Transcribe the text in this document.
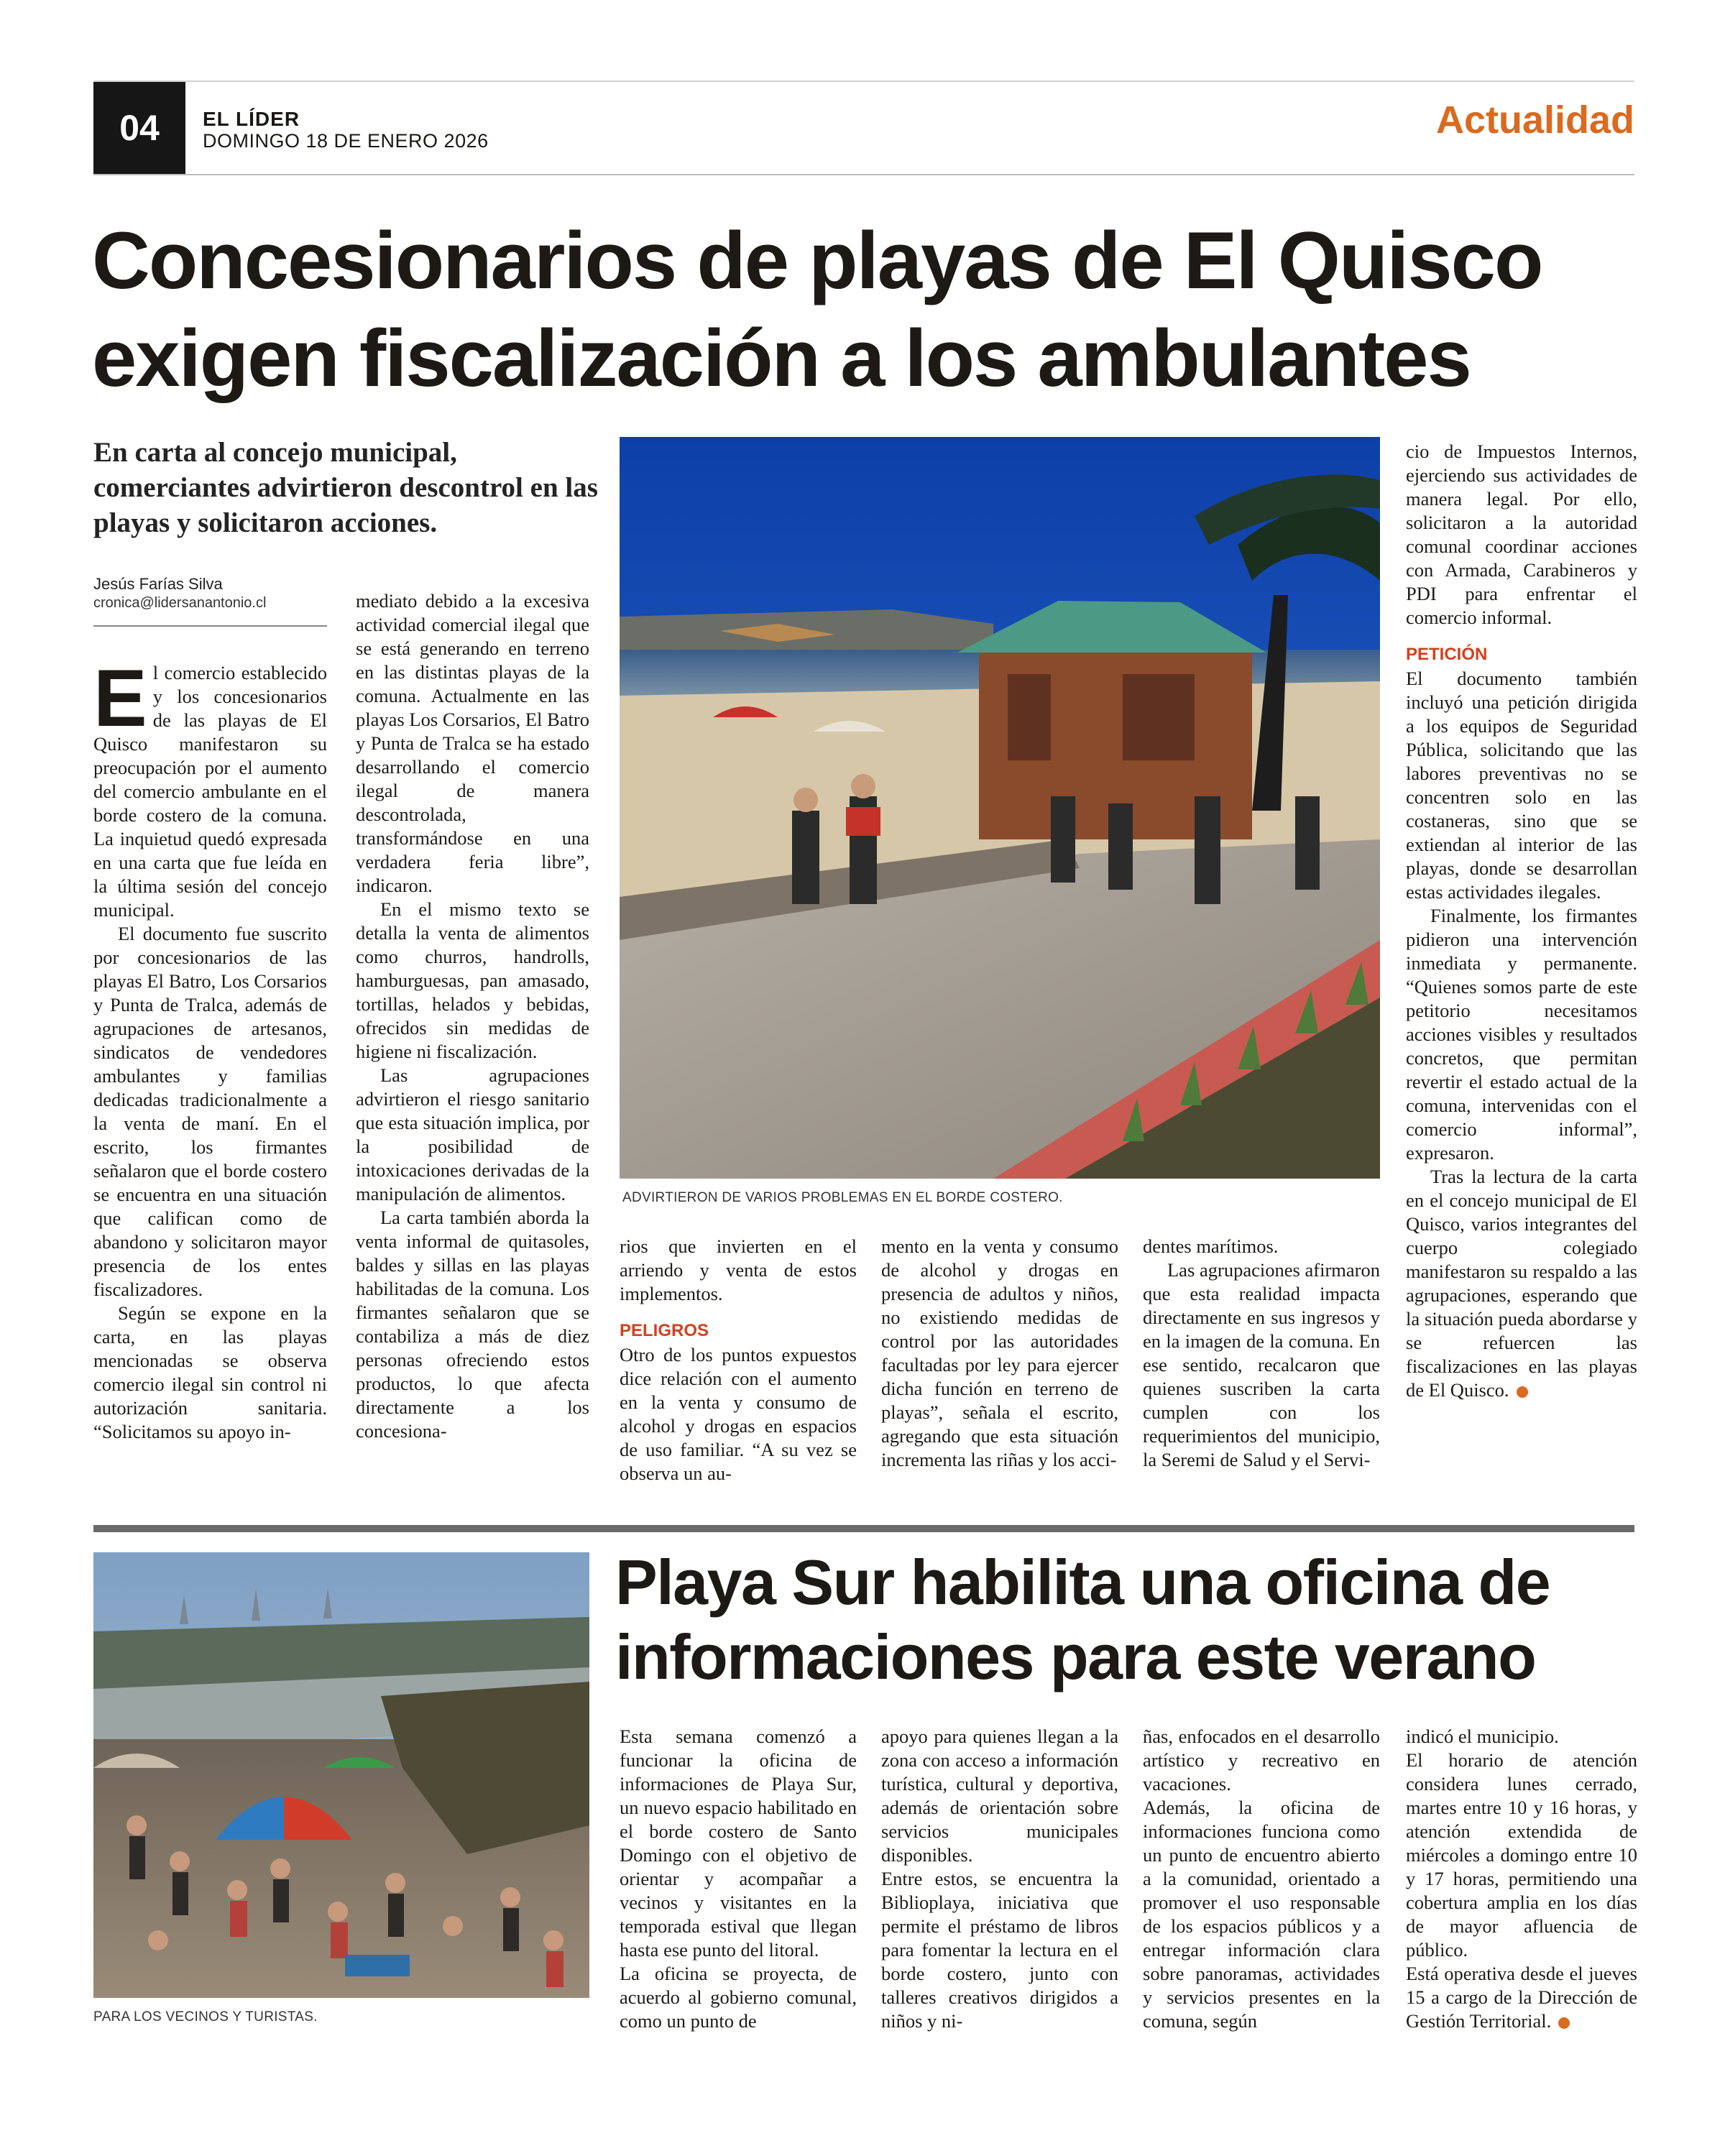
04	EL LÍDER
DOMINGO 18 DE ENERO 2026	Actualidad
Concesionarios de playas de El Quisco
exigen fiscalización a los ambulantes

En carta al concejo municipal, comerciantes advirtieron descontrol en las playas y solicitaron acciones.

Jesús Farías Silva
cronica@lidersanantonio.cl
ADVIRTIERON DE VARIOS PROBLEMAS EN EL BORDE COSTERO.
E l comercio establecido y los concesionarios de las playas de El Quisco manifestaron su preocupación por el aumento del comercio ambulante en el borde costero de la comuna. La inquietud quedó expresada en una carta que fue leída en la última sesión del concejo municipal.

El documento fue suscrito por concesionarios de las playas El Batro, Los Corsarios y Punta de Tralca, además de agrupaciones de artesanos, sindicatos de vendedores ambulantes y familias dedicadas tradicionalmente a la venta de maní. En el escrito, los firmantes señalaron que el borde costero se encuentra en una situación que califican como de abandono y solicitaron mayor presencia de los entes fiscalizadores.

Según se expone en la carta, en las playas mencionadas se observa comercio ilegal sin control ni autorización sanitaria. “Solicitamos su apoyo in-

mediato debido a la excesiva actividad comercial ilegal que se está generando en terreno en las distintas playas de la comuna. Actualmente en las playas Los Corsarios, El Batro y Punta de Tralca se ha estado desarrollando el comercio ilegal de manera descontrolada, transformándose en una verdadera feria libre”, indicaron.

En el mismo texto se detalla la venta de alimentos como churros, handrolls, hamburguesas, pan amasado, tortillas, helados y bebidas, ofrecidos sin medidas de higiene ni fiscalización.

Las agrupaciones advirtieron el riesgo sanitario que esta situación implica, por la posibilidad de intoxicaciones derivadas de la manipulación de alimentos.

La carta también aborda la venta informal de quitasoles, baldes y sillas en las playas habilitadas de la comuna. Los firmantes señalaron que se contabiliza a más de diez personas ofreciendo estos productos, lo que afecta directamente a los concesiona-

rios que invierten en el arriendo y venta de estos implementos.

PELIGROS

Otro de los puntos expuestos dice relación con el aumento en la venta y consumo de alcohol y drogas en espacios de uso familiar. “A su vez se observa un au-

mento en la venta y consumo de alcohol y drogas en presencia de adultos y niños, no existiendo medidas de control por las autoridades facultadas por ley para ejercer dicha función en terreno de playas”, señala el escrito, agregando que esta situación incrementa las riñas y los acci-

dentes marítimos.

Las agrupaciones afirmaron que esta realidad impacta directamente en sus ingresos y en la imagen de la comuna. En ese sentido, recalcaron que quienes suscriben la carta cumplen con los requerimientos del municipio, la Seremi de Salud y el Servi-

cio de Impuestos Internos, ejerciendo sus actividades de manera legal. Por ello, solicitaron a la autoridad comunal coordinar acciones con Armada, Carabineros y PDI para enfrentar el comercio informal.

PETICIÓN

El documento también incluyó una petición dirigida a los equipos de Seguridad Pública, solicitando que las labores preventivas no se concentren solo en las costaneras, sino que se extiendan al interior de las playas, donde se desarrollan estas actividades ilegales.

Finalmente, los firmantes pidieron una intervención inmediata y permanente. “Quienes somos parte de este petitorio necesitamos acciones visibles y resultados concretos, que permitan revertir el estado actual de la comuna, intervenidas con el comercio informal”, expresaron.

Tras la lectura de la carta en el concejo municipal de El Quisco, varios integrantes del cuerpo colegiado manifestaron su respaldo a las agrupaciones, esperando que la situación pueda abordarse y se refuercen las fiscalizaciones en las playas de El Quisco.

PARA LOS VECINOS Y TURISTAS.
Playa Sur habilita una oficina de
informaciones para este verano

Esta semana comenzó a funcionar la oficina de informaciones de Playa Sur, un nuevo espacio habilitado en el borde costero de Santo Domingo con el objetivo de orientar y acompañar a vecinos y visitantes en la temporada estival que llegan hasta ese punto del litoral.

La oficina se proyecta, de acuerdo al gobierno comunal, como un punto de

apoyo para quienes llegan a la zona con acceso a información turística, cultural y deportiva, además de orientación sobre servicios municipales disponibles.

Entre estos, se encuentra la Biblioplaya, iniciativa que permite el préstamo de libros para fomentar la lectura en el borde costero, junto con talleres creativos dirigidos a niños y ni-

ñas, enfocados en el desarrollo artístico y recreativo en vacaciones.

Además, la oficina de informaciones funciona como un punto de encuentro abierto a la comunidad, orientado a promover el uso responsable de los espacios públicos y a entregar información clara sobre panoramas, actividades y servicios presentes en la comuna, según

indicó el municipio.

El horario de atención considera lunes cerrado, martes entre 10 y 16 horas, y atención extendida de miércoles a domingo entre 10 y 17 horas, permitiendo una cobertura amplia en los días de mayor afluencia de público.

Está operativa desde el jueves 15 a cargo de la Dirección de Gestión Territorial.
